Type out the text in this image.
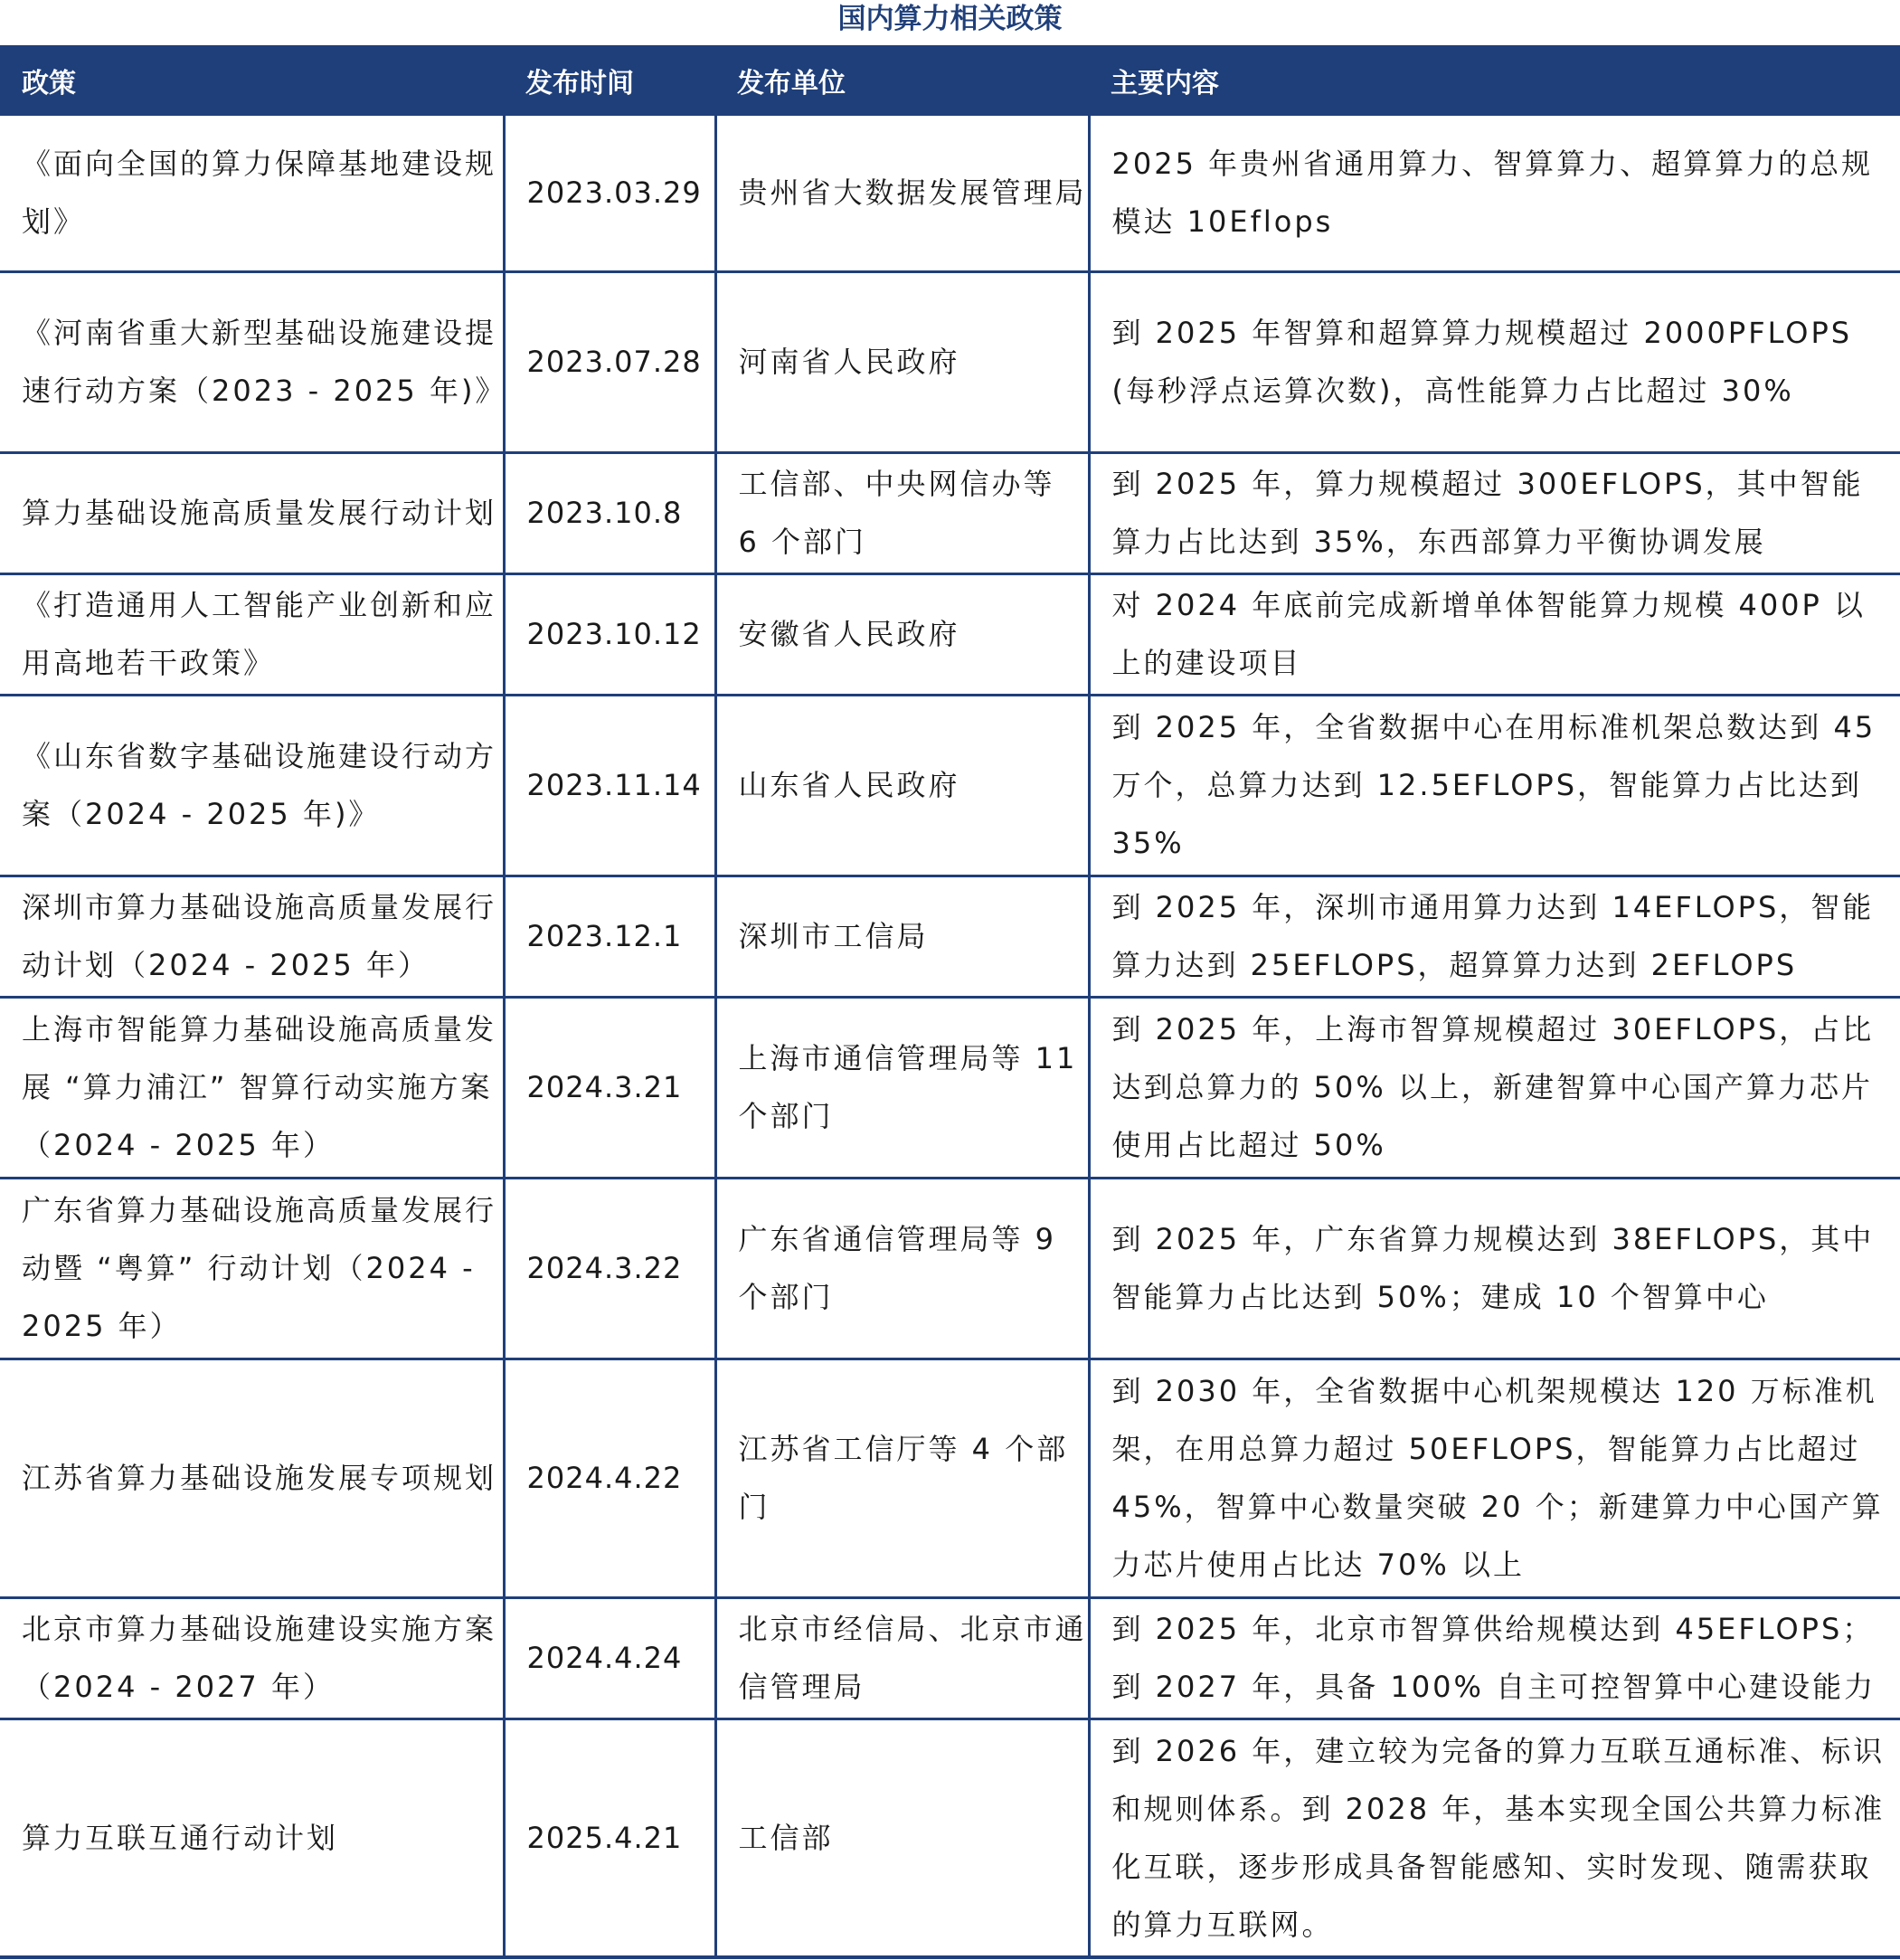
国内算力相关政策
政策	发布时间	发布单位	主要内容
《面向全国的算力保障基地建设规划》	2023.03.29	贵州省大数据发展管理局	2025 年贵州省通用算力、智算算力、超算算力的总规模达 10Eflops
《河南省重大新型基础设施建设提速行动方案（2023 - 2025 年)》	2023.07.28	河南省人民政府	到 2025 年智算和超算算力规模超过 2000PFLOPS (每秒浮点运算次数)，高性能算力占比超过 30%
算力基础设施高质量发展行动计划	2023.10.8	工信部、中央网信办等 6 个部门	到 2025 年，算力规模超过 300EFLOPS，其中智能算力占比达到 35%，东西部算力平衡协调发展
《打造通用人工智能产业创新和应用高地若干政策》	2023.10.12	安徽省人民政府	对 2024 年底前完成新增单体智能算力规模 400P 以上的建设项目
《山东省数字基础设施建设行动方案（2024 - 2025 年)》	2023.11.14	山东省人民政府	到 2025 年，全省数据中心在用标准机架总数达到 45 万个，总算力达到 12.5EFLOPS，智能算力占比达到 35%
深圳市算力基础设施高质量发展行动计划（2024 - 2025 年）	2023.12.1	深圳市工信局	到 2025 年，深圳市通用算力达到 14EFLOPS，智能算力达到 25EFLOPS，超算算力达到 2EFLOPS
上海市智能算力基础设施高质量发展 “算力浦江” 智算行动实施方案（2024 - 2025 年）	2024.3.21	上海市通信管理局等 11 个部门	到 2025 年，上海市智算规模超过 30EFLOPS，占比达到总算力的 50% 以上，新建智算中心国产算力芯片使用占比超过 50%
广东省算力基础设施高质量发展行动暨 “粤算” 行动计划（2024 - 2025 年）	2024.3.22	广东省通信管理局等 9 个部门	到 2025 年，广东省算力规模达到 38EFLOPS，其中智能算力占比达到 50%；建成 10 个智算中心
江苏省算力基础设施发展专项规划	2024.4.22	江苏省工信厅等 4 个部门	到 2030 年，全省数据中心机架规模达 120 万标准机架，在用总算力超过 50EFLOPS，智能算力占比超过 45%，智算中心数量突破 20 个；新建算力中心国产算力芯片使用占比达 70% 以上
北京市算力基础设施建设实施方案（2024 - 2027 年）	2024.4.24	北京市经信局、北京市通信管理局	到 2025 年，北京市智算供给规模达到 45EFLOPS；到 2027 年，具备 100% 自主可控智算中心建设能力
算力互联互通行动计划	2025.4.21	工信部	到 2026 年，建立较为完备的算力互联互通标准、标识和规则体系。到 2028 年，基本实现全国公共算力标准化互联，逐步形成具备智能感知、实时发现、随需获取的算力互联网。
